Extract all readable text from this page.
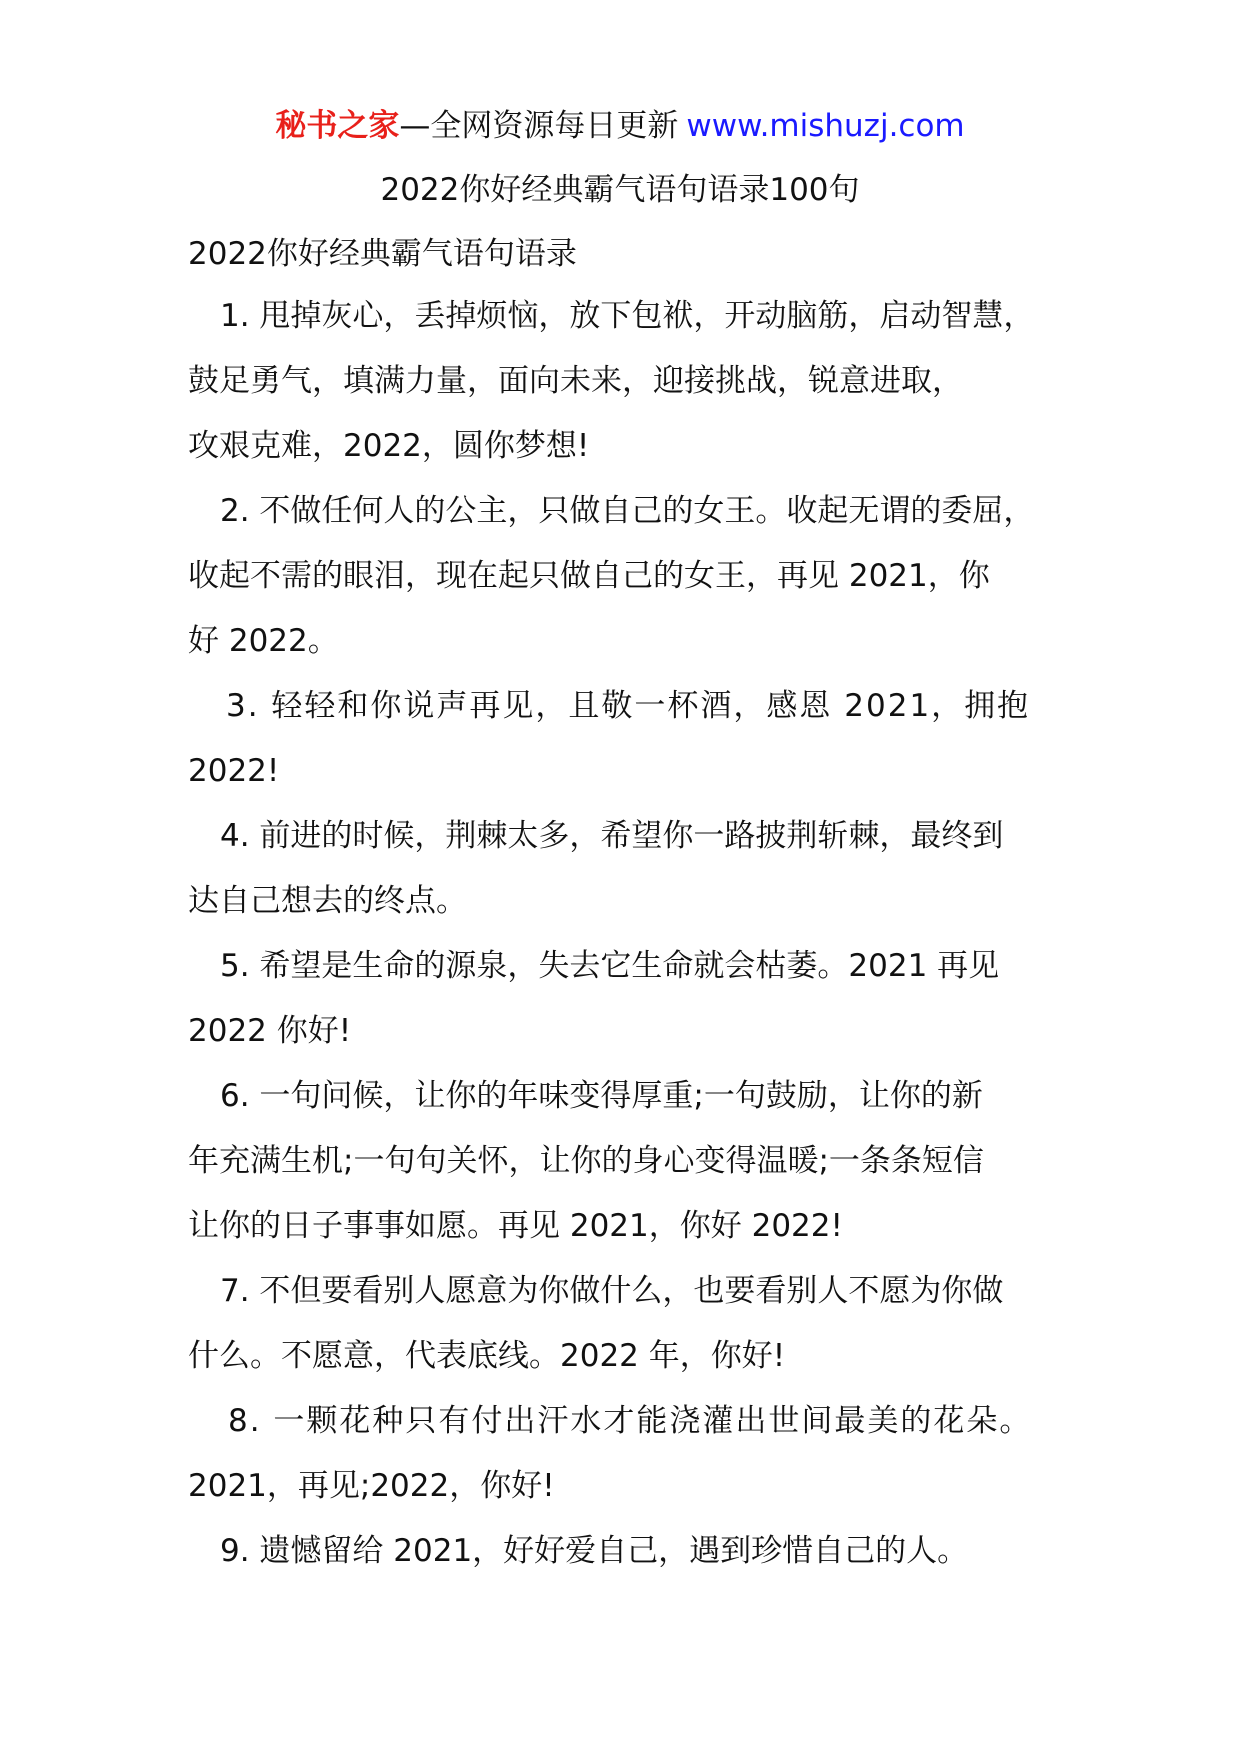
秘书之家—全网资源每日更新 www.mishuzj.com
2022你好经典霸气语句语录100句
2022你好经典霸气语句语录
1. 甩掉灰心，丢掉烦恼，放下包袱，开动脑筋，启动智慧，
鼓足勇气，填满力量，面向未来，迎接挑战，锐意进取，
攻艰克难，2022，圆你梦想!
2. 不做任何人的公主，只做自己的女王。收起无谓的委屈，
收起不需的眼泪，现在起只做自己的女王，再见 2021，你
好 2022。
3. 轻轻和你说声再见，且敬一杯酒，感恩 2021，拥抱
2022!
4. 前进的时候，荆棘太多，希望你一路披荆斩棘，最终到
达自己想去的终点。
5. 希望是生命的源泉，失去它生命就会枯萎。2021 再见
2022 你好!
6. 一句问候，让你的年味变得厚重;一句鼓励，让你的新
年充满生机;一句句关怀，让你的身心变得温暖;一条条短信
让你的日子事事如愿。再见 2021，你好 2022!
7. 不但要看别人愿意为你做什么，也要看别人不愿为你做
什么。不愿意，代表底线。2022 年，你好!
8. 一颗花种只有付出汗水才能浇灌出世间最美的花朵。
2021，再见;2022，你好!
9. 遗憾留给 2021，好好爱自己，遇到珍惜自己的人。
